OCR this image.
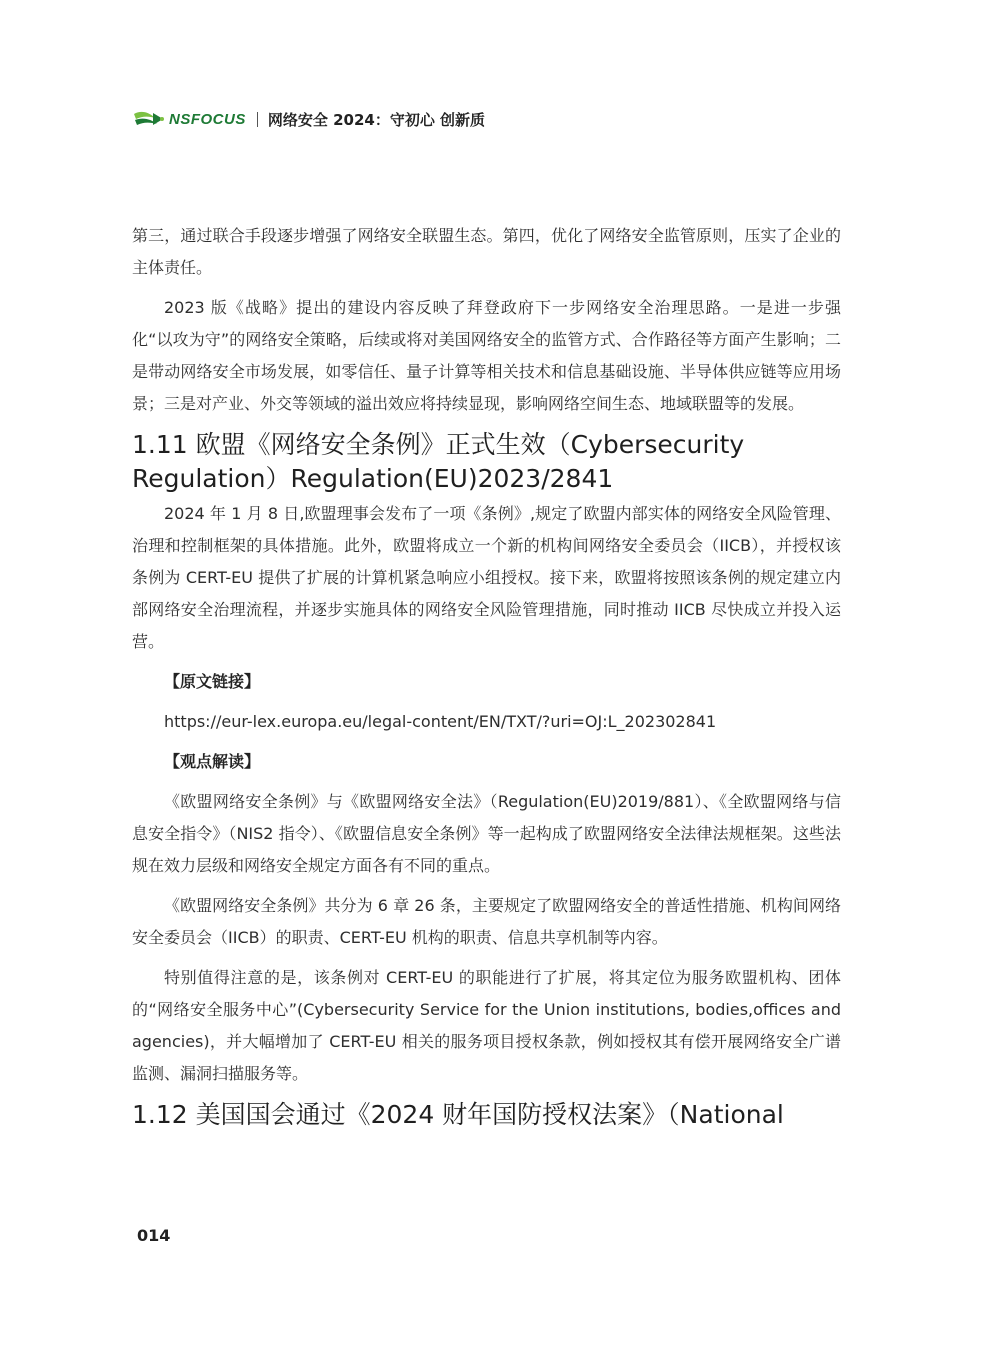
NSFOCUS 网络安全 2024：守初心 创新质

第三，通过联合手段逐步增强了网络安全联盟生态。第四，优化了网络安全监管原则，压实了企业的主体责任。

2023 版《战略》提出的建设内容反映了拜登政府下一步网络安全治理思路。一是进一步强化“以攻为守”的网络安全策略，后续或将对美国网络安全的监管方式、合作路径等方面产生影响；二是带动网络安全市场发展，如零信任、量子计算等相关技术和信息基础设施、半导体供应链等应用场景；三是对产业、外交等领域的溢出效应将持续显现，影响网络空间生态、地域联盟等的发展。

1.11 欧盟《网络安全条例》正式生效（Cybersecurity Regulation）Regulation(EU)2023/2841

2024 年 1 月 8 日,欧盟理事会发布了一项《条例》,规定了欧盟内部实体的网络安全风险管理、治理和控制框架的具体措施。此外，欧盟将成立一个新的机构间网络安全委员会（IICB），并授权该条例为 CERT-EU 提供了扩展的计算机紧急响应小组授权。接下来，欧盟将按照该条例的规定建立内部网络安全治理流程，并逐步实施具体的网络安全风险管理措施，同时推动 IICB 尽快成立并投入运营。

【原文链接】
https://eur-lex.europa.eu/legal-content/EN/TXT/?uri=OJ:L_202302841
【观点解读】

《欧盟网络安全条例》与《欧盟网络安全法》（Regulation(EU)2019/881）、《全欧盟网络与信息安全指令》（NIS2 指令）、《欧盟信息安全条例》等一起构成了欧盟网络安全法律法规框架。这些法规在效力层级和网络安全规定方面各有不同的重点。

《欧盟网络安全条例》共分为 6 章 26 条，主要规定了欧盟网络安全的普适性措施、机构间网络安全委员会（IICB）的职责、CERT-EU 机构的职责、信息共享机制等内容。

特别值得注意的是，该条例对 CERT-EU 的职能进行了扩展，将其定位为服务欧盟机构、团体的“网络安全服务中心”(Cybersecurity Service for the Union institutions, bodies,offices and agencies)，并大幅增加了 CERT-EU 相关的服务项目授权条款，例如授权其有偿开展网络安全广谱监测、漏洞扫描服务等。

1.12 美国国会通过《2024 财年国防授权法案》（National
014
